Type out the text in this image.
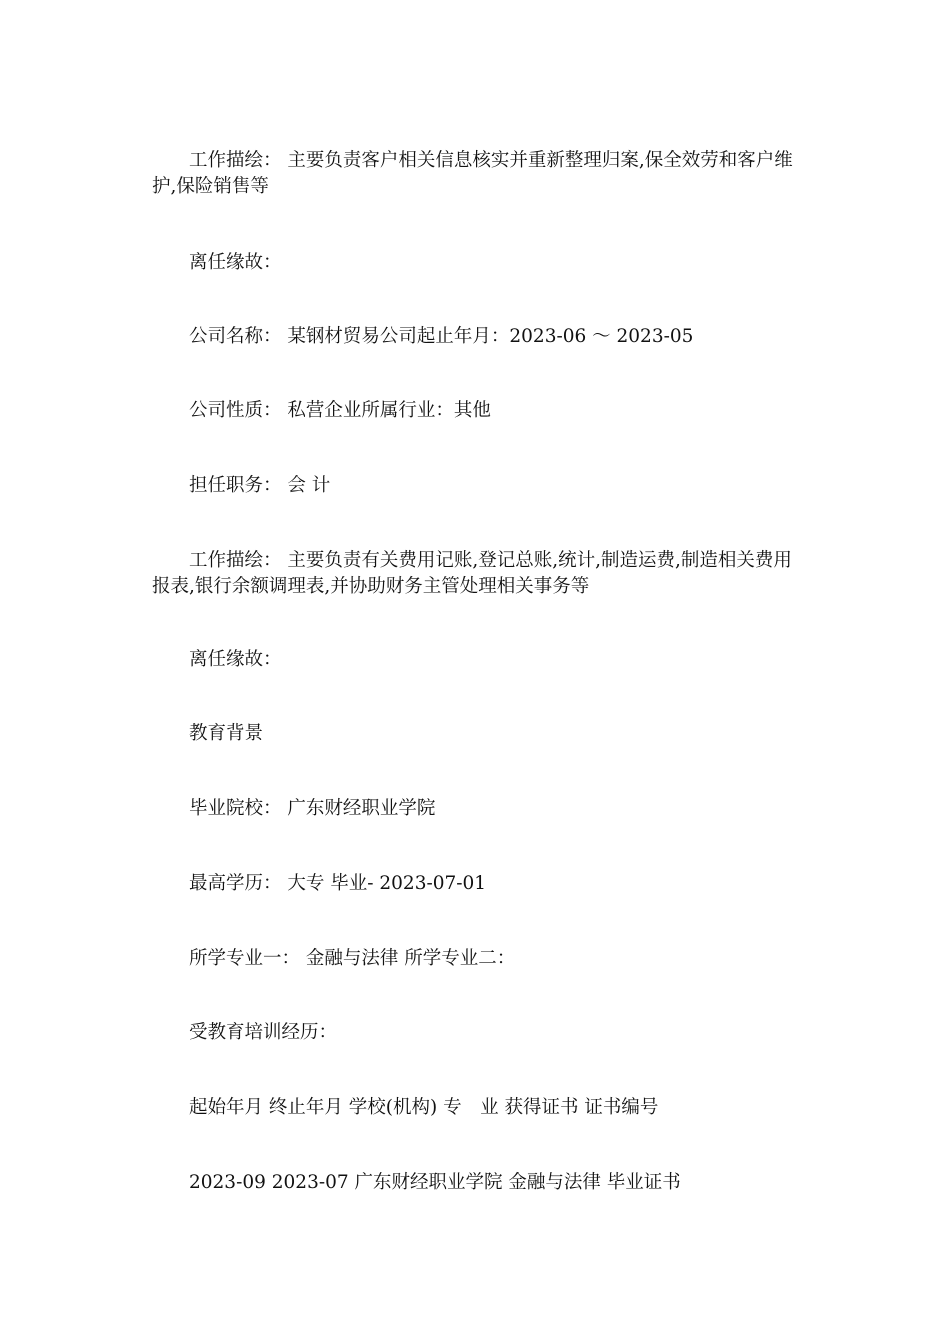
工作描绘： 主要负责客户相关信息核实并重新整理归案,保全效劳和客户维护,保险销售等

离任缘故：

公司名称： 某钢材贸易公司起止年月：2023-06 ～ 2023-05

公司性质： 私营企业所属行业：其他

担任职务： 会 计

工作描绘： 主要负责有关费用记账,登记总账,统计,制造运费,制造相关费用报表,银行余额调理表,并协助财务主管处理相关事务等

离任缘故：

教育背景

毕业院校： 广东财经职业学院

最高学历： 大专 毕业- 2023-07-01

所学专业一： 金融与法律 所学专业二：

受教育培训经历：

起始年月 终止年月 学校(机构) 专　业 获得证书 证书编号

2023-09 2023-07 广东财经职业学院 金融与法律 毕业证书
